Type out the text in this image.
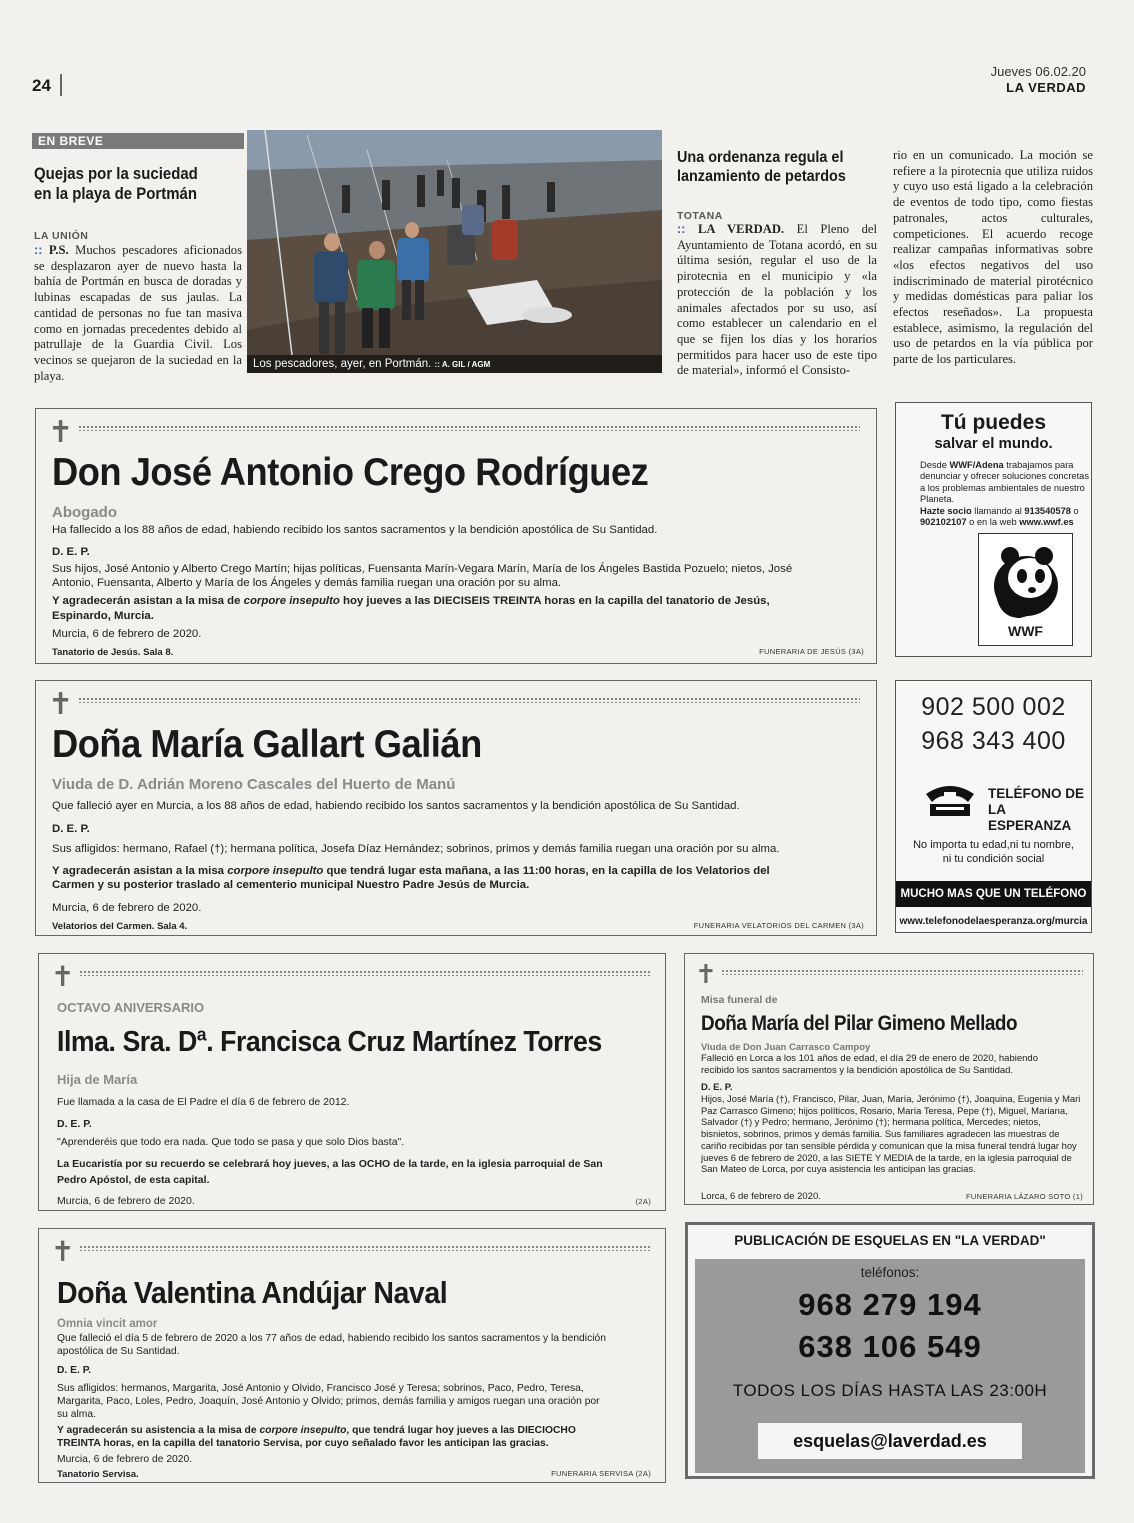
24
Jueves 06.02.20
LA VERDAD
EN BREVE
Quejas por la suciedad
en la playa de Portmán
LA UNIÓN
:: P.S. Muchos pescadores aficionados se desplazaron ayer de nuevo hasta la bahía de Portmán en busca de doradas y lubinas escapadas de sus jaulas. La cantidad de personas no fue tan masiva como en jornadas precedentes debido al patrullaje de la Guardia Civil. Los vecinos se quejaron de la suciedad en la playa.
Los pescadores, ayer, en Portmán. :: A. GIL / AGM
Una ordenanza regula el
lanzamiento de petardos
TOTANA
:: LA VERDAD. El Pleno del Ayuntamiento de Totana acordó, en su última sesión, regular el uso de la pirotecnia en el municipio y «la protección de la población y los animales afectados por su uso, así como establecer un calendario en el que se fijen los días y los horarios permitidos para hacer uso de este tipo de material», informó el Consisto-
rio en un comunicado. La moción se refiere a la pirotecnia que utiliza ruidos y cuyo uso está ligado a la celebración de eventos de todo tipo, como fiestas patronales, actos culturales, competiciones. El acuerdo recoge realizar campañas informativas sobre «los efectos negativos del uso indiscriminado de material pirotécnico y medidas domésticas para paliar los efectos reseñados». La propuesta establece, asimismo, la regulación del uso de petardos en la vía pública por parte de los particulares.
✝
Don José Antonio Crego Rodríguez
Abogado
Ha fallecido a los 88 años de edad, habiendo recibido los santos sacramentos y la bendición apostólica de Su Santidad.
D. E. P.
Sus hijos, José Antonio y Alberto Crego Martín; hijas políticas, Fuensanta Marín-Vegara Marín, María de los Ángeles Bastida Pozuelo; nietos, José
Antonio, Fuensanta, Alberto y María de los Ángeles y demás familia ruegan una oración por su alma.
Y agradecerán asistan a la misa de corpore insepulto hoy jueves a las DIECISEIS TREINTA horas en la capilla del tanatorio de Jesús,
Espinardo, Murcia.
Murcia, 6 de febrero de 2020.
Tanatorio de Jesús. Sala 8.	FUNERARIA DE JESÚS (3A)
Tú puedes
salvar el mundo.
Desde WWF/Adena trabajamos para denunciar y ofrecer soluciones concretas a los problemas ambientales de nuestro Planeta.
Hazte socio llamando al 913540578 o 902102107 o en la web www.wwf.es
WWF
✝
Doña María Gallart Galián
Viuda de D. Adrián Moreno Cascales del Huerto de Manú
Que falleció ayer en Murcia, a los 88 años de edad, habiendo recibido los santos sacramentos y la bendición apostólica de Su Santidad.
D. E. P.
Sus afligidos: hermano, Rafael (†); hermana política, Josefa Díaz Hernández; sobrinos, primos y demás familia ruegan una oración por su alma.
Y agradecerán asistan a la misa corpore insepulto que tendrá lugar esta mañana, a las 11:00 horas, en la capilla de los Velatorios del
Carmen y su posterior traslado al cementerio municipal Nuestro Padre Jesús de Murcia.
Murcia, 6 de febrero de 2020.
Velatorios del Carmen. Sala 4.	FUNERARIA VELATORIOS DEL CARMEN (3A)
902 500 002
968 343 400
TELÉFONO DE
LA ESPERANZA
No importa tu edad,ni tu nombre,
ni tu condición social
MUCHO MAS QUE UN TELÉFONO
www.telefonodelaesperanza.org/murcia
✝
OCTAVO ANIVERSARIO
Ilma. Sra. Dª. Francisca Cruz Martínez Torres
Hija de María
Fue llamada a la casa de El Padre el día 6 de febrero de 2012.
D. E. P.
"Aprenderéis que todo era nada. Que todo se pasa y que solo Dios basta".
La Eucaristía por su recuerdo se celebrará hoy jueves, a las OCHO de la tarde, en la iglesia parroquial de San
Pedro Apóstol, de esta capital.
Murcia, 6 de febrero de 2020.	(2A)
✝
Misa funeral de
Doña María del Pilar Gimeno Mellado
Viuda de Don Juan Carrasco Campoy
Falleció en Lorca a los 101 años de edad, el día 29 de enero de 2020, habiendo
recibido los santos sacramentos y la bendición apostólica de Su Santidad.
D. E. P.
Hijos, José María (†), Francisco, Pilar, Juan, María, Jerónimo (†), Joaquina, Eugenia y Mari Paz Carrasco Gimeno; hijos políticos, Rosario, María Teresa, Pepe (†), Miguel, Mariana, Salvador (†) y Pedro; hermano, Jerónimo (†); hermana política, Mercedes; nietos, bisnietos, sobrinos, primos y demás familia. Sus familiares agradecen las muestras de cariño recibidas por tan sensible pérdida y comunican que la misa funeral tendrá lugar hoy jueves 6 de febrero de 2020, a las SIETE Y MEDIA de la tarde, en la iglesia parroquial de San Mateo de Lorca, por cuya asistencia les anticipan las gracias.
Lorca, 6 de febrero de 2020.	FUNERARIA LÁZARO SOTO (1)
✝
Doña Valentina Andújar Naval
Omnia vincit amor
Que falleció el día 5 de febrero de 2020 a los 77 años de edad, habiendo recibido los santos sacramentos y la bendición
apostólica de Su Santidad.
D. E. P.
Sus afligidos: hermanos, Margarita, José Antonio y Olvido, Francisco José y Teresa; sobrinos, Paco, Pedro, Teresa,
Margarita, Paco, Loles, Pedro, Joaquín, José Antonio y Olvido; primos, demás familia y amigos ruegan una oración por
su alma.
Y agradecerán su asistencia a la misa de corpore insepulto, que tendrá lugar hoy jueves a las DIECIOCHO
TREINTA horas, en la capilla del tanatorio Servisa, por cuyo señalado favor les anticipan las gracias.
Murcia, 6 de febrero de 2020.
Tanatorio Servisa.	FUNERARIA SERVISA (2A)
PUBLICACIÓN DE ESQUELAS EN "LA VERDAD"
teléfonos:
968 279 194
638 106 549
TODOS LOS DÍAS HASTA LAS 23:00H
esquelas@laverdad.es
